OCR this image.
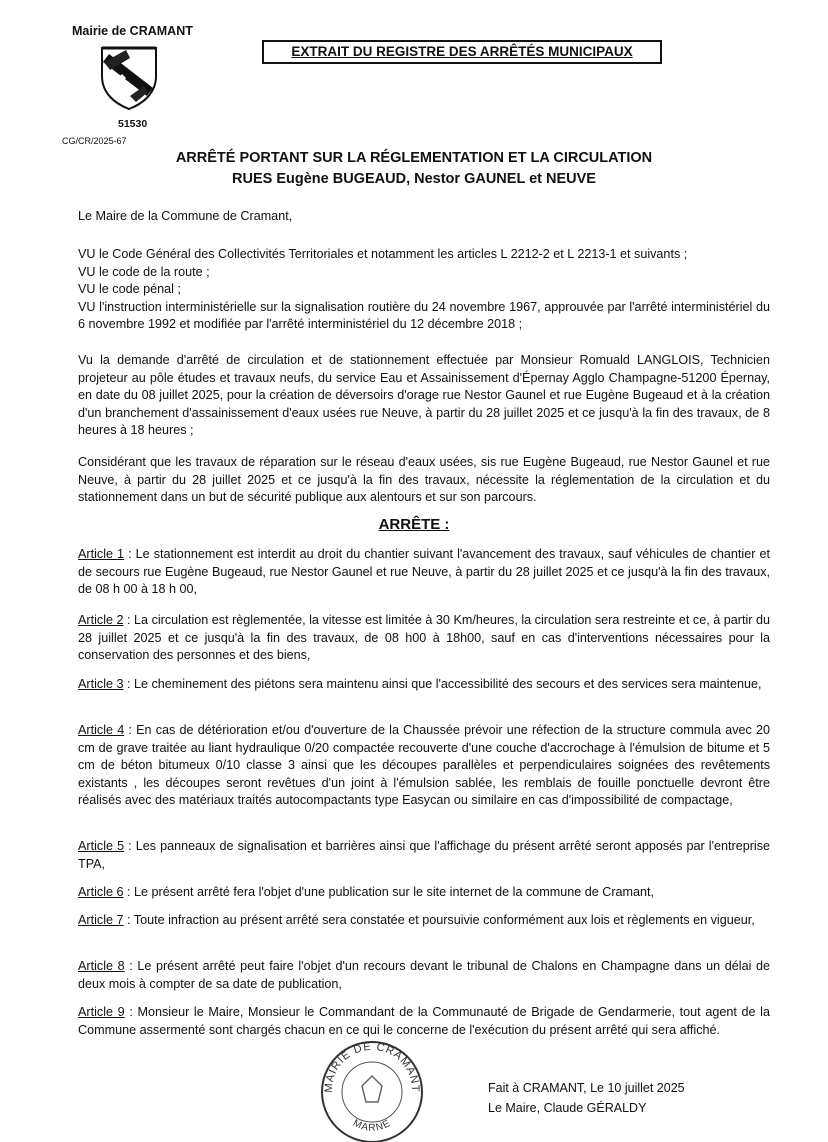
Mairie de CRAMANT
51530
CG/CR/2025-67
EXTRAIT DU REGISTRE DES ARRÊTÉS MUNICIPAUX
ARRÊTÉ PORTANT SUR LA RÉGLEMENTATION ET LA CIRCULATION
RUES Eugène BUGEAUD, Nestor GAUNEL et NEUVE

Le Maire de la Commune de Cramant,

VU le Code Général des Collectivités Territoriales et notamment les articles L 2212-2 et L 2213-1 et suivants ;

VU le code de la route ;

VU le code pénal ;

VU l'instruction interministérielle sur la signalisation routière du 24 novembre 1967, approuvée par l'arrêté interministériel du 6 novembre 1992 et modifiée par l'arrêté interministériel du 12 décembre 2018 ;

Vu la demande d'arrêté de circulation et de stationnement effectuée par Monsieur Romuald LANGLOIS, Technicien projeteur au pôle études et travaux neufs, du service Eau et Assainissement d'Épernay Agglo Champagne-51200 Épernay, en date du 08 juillet 2025, pour la création de déversoirs d'orage rue Nestor Gaunel et rue Eugène Bugeaud et à la création d'un branchement d'assainissement d'eaux usées rue Neuve, à partir du 28 juillet 2025 et ce jusqu'à la fin des travaux, de 8 heures à 18 heures ;

Considérant que les travaux de réparation sur le réseau d'eaux usées, sis rue Eugène Bugeaud, rue Nestor Gaunel et rue Neuve, à partir du 28 juillet 2025 et ce jusqu'à la fin des travaux, nécessite la réglementation de la circulation et du stationnement dans un but de sécurité publique aux alentours et sur son parcours.

ARRÊTE :

Article 1 : Le stationnement est interdit au droit du chantier suivant l'avancement des travaux, sauf véhicules de chantier et de secours rue Eugène Bugeaud, rue Nestor Gaunel et rue Neuve, à partir du 28 juillet 2025 et ce jusqu'à la fin des travaux, de 08 h 00 à 18 h 00,

Article 2 : La circulation est règlementée, la vitesse est limitée à 30 Km/heures, la circulation sera restreinte et ce, à partir du 28 juillet 2025 et ce jusqu'à la fin des travaux, de 08 h00 à 18h00, sauf en cas d'interventions nécessaires pour la conservation des personnes et des biens,

Article 3 : Le cheminement des piétons sera maintenu ainsi que l'accessibilité des secours et des services sera maintenue,

Article 4 : En cas de détérioration et/ou d'ouverture de la Chaussée prévoir une réfection de la structure commula avec 20 cm de grave traitée au liant hydraulique 0/20 compactée recouverte d'une couche d'accrochage à l'émulsion de bitume et 5 cm de béton bitumeux 0/10 classe 3 ainsi que les découpes parallèles et perpendiculaires soignées des revêtements existants , les découpes seront revêtues d'un joint à l'émulsion sablée, les remblais de fouille ponctuelle devront être réalisés avec des matériaux traités autocompactants type Easycan ou similaire en cas d'impossibilité de compactage,

Article 5 : Les panneaux de signalisation et barrières ainsi que l'affichage du présent arrêté seront apposés par l'entreprise TPA,

Article 6 : Le présent arrêté fera l'objet d'une publication sur le site internet de la commune de Cramant,

Article 7 : Toute infraction au présent arrêté sera constatée et poursuivie conformément aux lois et règlements en vigueur,

Article 8 : Le présent arrêté peut faire l'objet d'un recours devant le tribunal de Chalons en Champagne dans un délai de deux mois à compter de sa date de publication,

Article 9 : Monsieur le Maire, Monsieur le Commandant de la Communauté de Brigade de Gendarmerie, tout agent de la Commune assermenté sont chargés chacun en ce qui le concerne de l'exécution du présent arrêté qui sera affiché.

MAIRIE DE CRAMANT
MARNE
Fait à CRAMANT, Le 10 juillet 2025
Le Maire, Claude GÉRALDY
